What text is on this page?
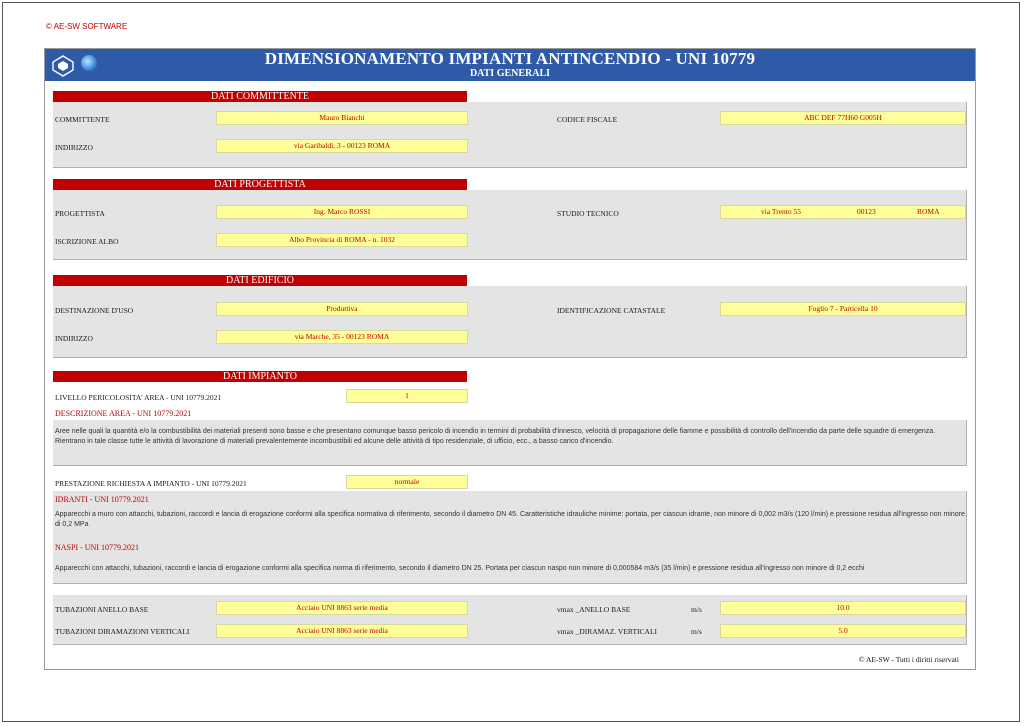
© AE-SW SOFTWARE
DIMENSIONAMENTO IMPIANTI ANTINCENDIO - UNI 10779
DATI GENERALI
DATI COMMITTENTE
COMMITTENTE	Mauro Bianchi	CODICE FISCALE	ABC DEF 77H60 G005H
INDIRIZZO	via Garibaldi, 3 - 00123 ROMA
DATI PROGETTISTA
PROGETTISTA	Ing. Marco ROSSI	STUDIO TECNICO	via Trento 55	00123	ROMA
ISCRIZIONE ALBO	Albo Provincia di ROMA - n. 1032
DATI EDIFICIO
DESTINAZIONE D'USO	Produttiva	IDENTIFICAZIONE CATASTALE	Foglio 7 - Particella 10
INDIRIZZO	via Marche, 35 - 00123 ROMA
DATI IMPIANTO
LIVELLO PERICOLOSITA' AREA - UNI 10779.2021	1
DESCRIZIONE AREA - UNI 10779.2021
Aree nelle quali la quantità e/o la combustibilità dei materiali presenti sono basse e che presentano comunque basso pericolo di incendio in termini di probabilità d'innesco, velocità di propagazione delle fiamme e possibilità di controllo dell'incendio da parte delle squadre di emergenza.
Rientrano in tale classe tutte le attività di lavorazione di materiali prevalentemente incombustibili ed alcune delle attività di tipo residenziale, di ufficio, ecc., a basso carico d'incendio.
PRESTAZIONE RICHIESTA A IMPIANTO - UNI 10779.2021	normale
IDRANTI - UNI 10779.2021
Apparecchi a muro con attacchi, tubazioni, raccordi e lancia di erogazione conformi alla specifica normativa di riferimento, secondo il diametro DN 45. Caratteristiche idrauliche minime: portata, per ciascun idrante, non minore di 0,002 m3/s (120 l/min) e pressione residua all'ingresso non minore di 0,2 MPa
NASPI - UNI 10779.2021
Apparecchi con attacchi, tubazioni, raccordi e lancia di erogazione conformi alla specifica norma di riferimento, secondo il diametro DN 25. Portata per ciascun naspo non minore di 0,000584 m3/s (35 l/min) e pressione residua all'ingresso non minore di 0,2 ecchi
TUBAZIONI ANELLO BASE	Acciaio UNI 8863 serie media	vmax _ANELLO BASE	m/s	10.0
TUBAZIONI DIRAMAZIONI VERTICALI	Acciaio UNI 8863 serie media	vmax _DIRAMAZ. VERTICALI	m/s	5.0
© AE-SW - Tutti i diritti riservati
